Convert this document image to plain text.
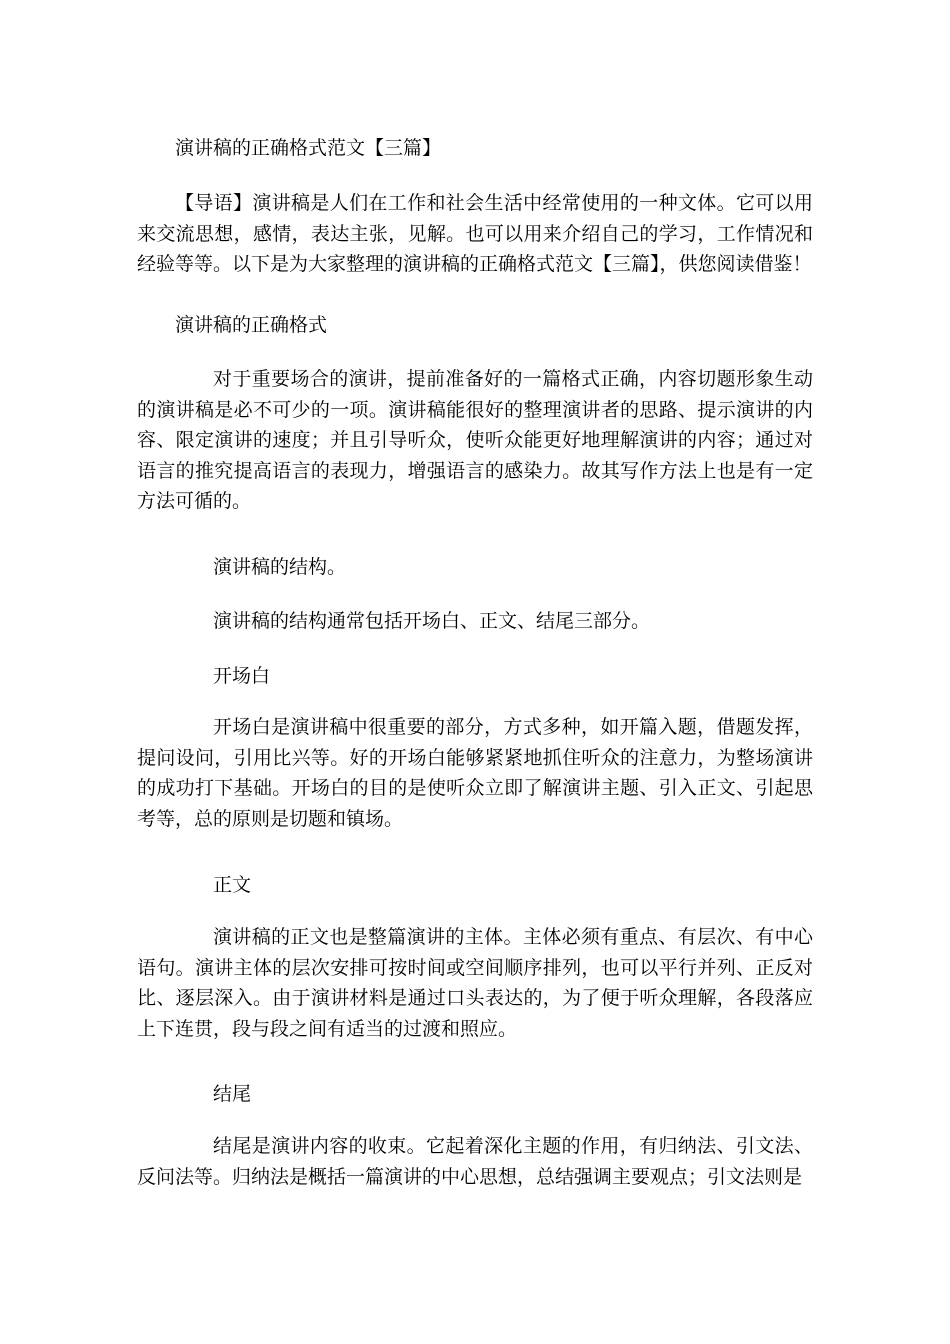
演讲稿的正确格式范文【三篇】

【导语】演讲稿是人们在工作和社会生活中经常使用的一种文体。它可以用来交流思想，感情，表达主张，见解。也可以用来介绍自己的学习，工作情况和经验等等。以下是为大家整理的演讲稿的正确格式范文【三篇】，供您阅读借鉴！

演讲稿的正确格式

对于重要场合的演讲，提前准备好的一篇格式正确，内容切题形象生动的演讲稿是必不可少的一项。演讲稿能很好的整理演讲者的思路、提示演讲的内容、限定演讲的速度；并且引导听众，使听众能更好地理解演讲的内容；通过对语言的推究提高语言的表现力，增强语言的感染力。故其写作方法上也是有一定方法可循的。

演讲稿的结构。
演讲稿的结构通常包括开场白、正文、结尾三部分。
开场白

开场白是演讲稿中很重要的部分，方式多种，如开篇入题，借题发挥，提问设问，引用比兴等。好的开场白能够紧紧地抓住听众的注意力，为整场演讲的成功打下基础。开场白的目的是使听众立即了解演讲主题、引入正文、引起思考等，总的原则是切题和镇场。

正文

演讲稿的正文也是整篇演讲的主体。主体必须有重点、有层次、有中心语句。演讲主体的层次安排可按时间或空间顺序排列，也可以平行并列、正反对比、逐层深入。由于演讲材料是通过口头表达的，为了便于听众理解，各段落应上下连贯，段与段之间有适当的过渡和照应。

结尾

结尾是演讲内容的收束。它起着深化主题的作用，有归纳法、引文法、反问法等。归纳法是概括一篇演讲的中心思想，总结强调主要观点；引文法则是
